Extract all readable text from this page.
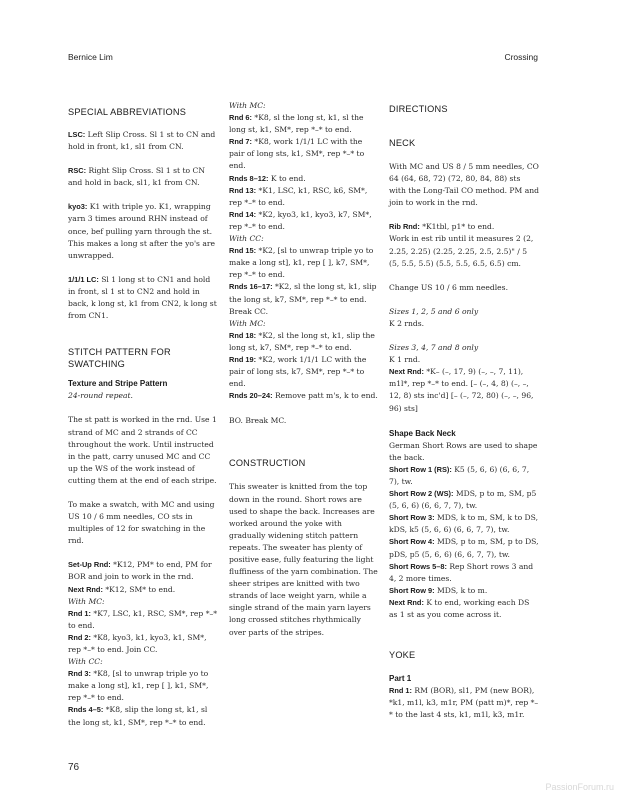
Bernice Lim	Crossing

SPECIAL ABBREVIATIONS

LSC: Left Slip Cross. Sl 1 st to CN and hold in front, k1, sl1 from CN.

RSC: Right Slip Cross. Sl 1 st to CN and hold in back, sl1, k1 from CN.

kyo3: K1 with triple yo. K1, wrapping yarn 3 times around RHN instead of once, bef pulling yarn through the st. This makes a long st after the yo's are unwrapped.

1/1/1 LC: Sl 1 long st to CN1 and hold in front, sl 1 st to CN2 and hold in back, k long st, k1 from CN2, k long st from CN1.

STITCH PATTERN FOR SWATCHING

Texture and Stripe Pattern

24-round repeat.

The st patt is worked in the rnd. Use 1 strand of MC and 2 strands of CC throughout the work. Until instructed in the patt, carry unused MC and CC up the WS of the work instead of cutting them at the end of each stripe.

To make a swatch, with MC and using US 10 / 6 mm needles, CO sts in multiples of 12 for swatching in the rnd.

Set-Up Rnd: *K12, PM* to end, PM for BOR and join to work in the rnd.

Next Rnd: *K12, SM* to end.

With MC:

Rnd 1: *K7, LSC, k1, RSC, SM*, rep *–* to end.

Rnd 2: *K8, kyo3, k1, kyo3, k1, SM*, rep *–* to end. Join CC.

With CC:

Rnd 3: *K8, [sl to unwrap triple yo to make a long st], k1, rep [ ], k1, SM*, rep *–* to end.

Rnds 4–5: *K8, slip the long st, k1, sl the long st, k1, SM*, rep *–* to end.

With MC:

Rnd 6: *K8, sl the long st, k1, sl the long st, k1, SM*, rep *–* to end.

Rnd 7: *K8, work 1/1/1 LC with the pair of long sts, k1, SM*, rep *–* to end.

Rnds 8–12: K to end.

Rnd 13: *K1, LSC, k1, RSC, k6, SM*, rep *–* to end.

Rnd 14: *K2, kyo3, k1, kyo3, k7, SM*, rep *–* to end.

With CC:

Rnd 15: *K2, [sl to unwrap triple yo to make a long st], k1, rep [ ], k7, SM*, rep *–* to end.

Rnds 16–17: *K2, sl the long st, k1, slip the long st, k7, SM*, rep *–* to end. Break CC.

With MC:

Rnd 18: *K2, sl the long st, k1, slip the long st, k7, SM*, rep *–* to end.

Rnd 19: *K2, work 1/1/1 LC with the pair of long sts, k7, SM*, rep *–* to end.

Rnds 20–24: Remove patt m's, k to end.

BO. Break MC.

CONSTRUCTION

This sweater is knitted from the top down in the round. Short rows are used to shape the back. Increases are worked around the yoke with gradually widening stitch pattern repeats. The sweater has plenty of positive ease, fully featuring the light fluffiness of the yarn combination. The sheer stripes are knitted with two strands of lace weight yarn, while a single strand of the main yarn layers long crossed stitches rhythmically over parts of the stripes.

DIRECTIONS

NECK

With MC and US 8 / 5 mm needles, CO 64 (64, 68, 72) (72, 80, 84, 88) sts with the Long-Tail CO method. PM and join to work in the rnd.

Rib Rnd: *K1tbl, p1* to end.

Work in est rib until it measures 2 (2, 2.25, 2.25) (2.25, 2.25, 2.5, 2.5)" / 5 (5, 5.5, 5.5) (5.5, 5.5, 6.5, 6.5) cm.

Change US 10 / 6 mm needles.

Sizes 1, 2, 5 and 6 only

K 2 rnds.

Sizes 3, 4, 7 and 8 only

K 1 rnd.

Next Rnd: *K– (–, 17, 9) (–, –, 7, 11), m1l*, rep *–* to end. [– (–, 4, 8) (–, –, 12, 8) sts inc'd] [– (–, 72, 80) (–, –, 96, 96) sts]

Shape Back Neck

German Short Rows are used to shape the back.

Short Row 1 (RS): K5 (5, 6, 6) (6, 6, 7, 7), tw.

Short Row 2 (WS): MDS, p to m, SM, p5 (5, 6, 6) (6, 6, 7, 7), tw.

Short Row 3: MDS, k to m, SM, k to DS, kDS, k5 (5, 6, 6) (6, 6, 7, 7), tw.

Short Row 4: MDS, p to m, SM, p to DS, pDS, p5 (5, 6, 6) (6, 6, 7, 7), tw.

Short Rows 5–8: Rep Short rows 3 and 4, 2 more times.

Short Row 9: MDS, k to m.

Next Rnd: K to end, working each DS as 1 st as you come across it.

YOKE

Part 1

Rnd 1: RM (BOR), sl1, PM (new BOR), *k1, m1l, k3, m1r, PM (patt m)*, rep *–* to the last 4 sts, k1, m1l, k3, m1r.

76
PassionForum.ru
